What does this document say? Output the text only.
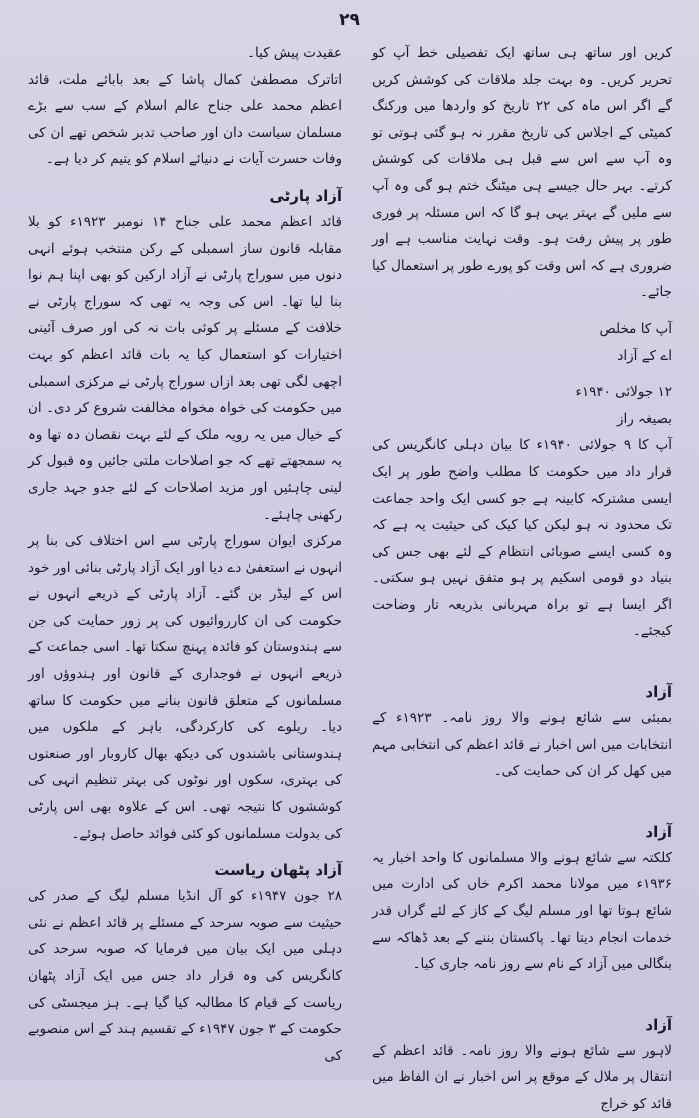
۲۹

کریں اور ساتھ ہی ساتھ ایک تفصیلی خط آپ کو تحریر کریں۔ وہ بہت جلد ملاقات کی کوشش کریں گے اگر اس ماہ کی ۲۲ تاریخ کو واردھا میں ورکنگ کمیٹی کے اجلاس کی تاریخ مقرر نہ ہو گئی ہوتی تو وہ آپ سے اس سے قبل ہی ملاقات کی کوشش کرتے۔ بہر حال جیسے ہی میٹنگ ختم ہو گی وہ آپ سے ملیں گے بہتر یہی ہو گا کہ اس مسئلہ پر فوری طور پر پیش رفت ہو۔ وقت نہایت مناسب ہے اور ضروری ہے کہ اس وقت کو پورے طور پر استعمال کیا جائے۔

آپ کا مخلص

اے کے آزاد

۱۲ جولائی ۱۹۴۰ء

بصیغہ راز

آپ کا ۹ جولائی ۱۹۴۰ء کا بیان دہلی کانگریس کی قرار داد میں حکومت کا مطلب واضح طور پر ایک ایسی مشترکہ کابینہ ہے جو کسی ایک واحد جماعت تک محدود نہ ہو لیکن کیا کیک کی حیثیت یہ ہے کہ وہ کسی ایسے صوبائی انتظام کے لئے بھی جس کی بنیاد دو قومی اسکیم پر ہو متفق نہیں ہو سکتی۔ اگر ایسا ہے تو براہ مہربانی بذریعہ تار وضاحت کیجئے۔

آزاد

بمبئی سے شائع ہونے والا روز نامہ۔ ۱۹۲۳ء کے انتخابات میں اس اخبار نے قائد اعظم کی انتخابی مہم میں کھل کر ان کی حمایت کی۔

آزاد

کلکتہ سے شائع ہونے والا مسلمانوں کا واحد اخبار یہ ۱۹۳۶ء میں مولانا محمد اکرم خاں کی ادارت میں شائع ہوتا تھا اور مسلم لیگ کے کاز کے لئے گراں قدر خدمات انجام دیتا تھا۔ پاکستان بننے کے بعد ڈھاکہ سے بنگالی میں آزاد کے نام سے روز نامہ جاری کیا۔

آزاد

لاہور سے شائع ہونے والا روز نامہ۔ قائد اعظم کے انتقال پر ملال کے موقع پر اس اخبار نے ان الفاظ میں قائد کو خراج

عقیدت پیش کیا۔

اتاترک مصطفیٰ کمال پاشا کے بعد بابائے ملت، قائد اعظم محمد علی جناح عالم اسلام کے سب سے بڑے مسلمان سیاست دان اور صاحب تدبر شخص تھے ان کی وفات حسرت آیات نے دنیائے اسلام کو یتیم کر دیا ہے۔

آزاد پارٹی

قائد اعظم محمد علی جناح ۱۴ نومبر ۱۹۲۳ء کو بلا مقابلہ قانون ساز اسمبلی کے رکن منتخب ہوئے انہی دنوں میں سوراج پارٹی نے آزاد ارکین کو بھی اپنا ہم نوا بنا لیا تھا۔ اس کی وجہ یہ تھی کہ سوراج پارٹی نے خلافت کے مسئلے پر کوئی بات نہ کی اور صرف آئینی اختیارات کو استعمال کیا یہ بات قائد اعظم کو بہت اچھی لگی تھی بعد ازاں سوراج پارٹی نے مرکزی اسمبلی میں حکومت کی خواہ مخواہ مخالفت شروع کر دی۔ ان کے خیال میں یہ رویہ ملک کے لئے بہت نقصان دہ تھا وہ یہ سمجھتے تھے کہ جو اصلاحات ملتی جائیں وہ قبول کر لینی چاہئیں اور مزید اصلاحات کے لئے جدو جہد جاری رکھنی چاہئے۔

مرکزی ایوان سوراج پارٹی سے اس اختلاف کی بنا پر انہوں نے استعفیٰ دے دیا اور ایک آزاد پارٹی بنائی اور خود اس کے لیڈر بن گئے۔ آزاد پارٹی کے ذریعے انہوں نے حکومت کی ان کارروائیوں کی پر زور حمایت کی جن سے ہندوستان کو فائدہ پہنچ سکتا تھا۔ اسی جماعت کے ذریعے انہوں نے فوجداری کے قانون اور ہندوؤں اور مسلمانوں کے متعلق قانون بنانے میں حکومت کا ساتھ دیا۔ ریلوے کی کارکردگی، باہر کے ملکوں میں ہندوستانی باشندوں کی دیکھ بھال کاروبار اور صنعتوں کی بہتری، سکوں اور نوٹوں کی بہتر تنظیم انہی کی کوششوں کا نتیجہ تھی۔ اس کے علاوہ بھی اس پارٹی کی بدولت مسلمانوں کو کئی فوائد حاصل ہوئے۔

آزاد پٹھان ریاست

۲۸ جون ۱۹۴۷ء کو آل انڈیا مسلم لیگ کے صدر کی حیثیت سے صوبہ سرحد کے مسئلے پر قائد اعظم نے نئی دہلی میں ایک بیان میں فرمایا کہ صوبہ سرحد کی کانگریس کی وہ قرار داد جس میں ایک آزاد پٹھان ریاست کے قیام کا مطالبہ کیا گیا ہے۔ ہز میجسٹی کی حکومت کے ۳ جون ۱۹۴۷ء کے تقسیم ہند کے اس منصوبے کی
